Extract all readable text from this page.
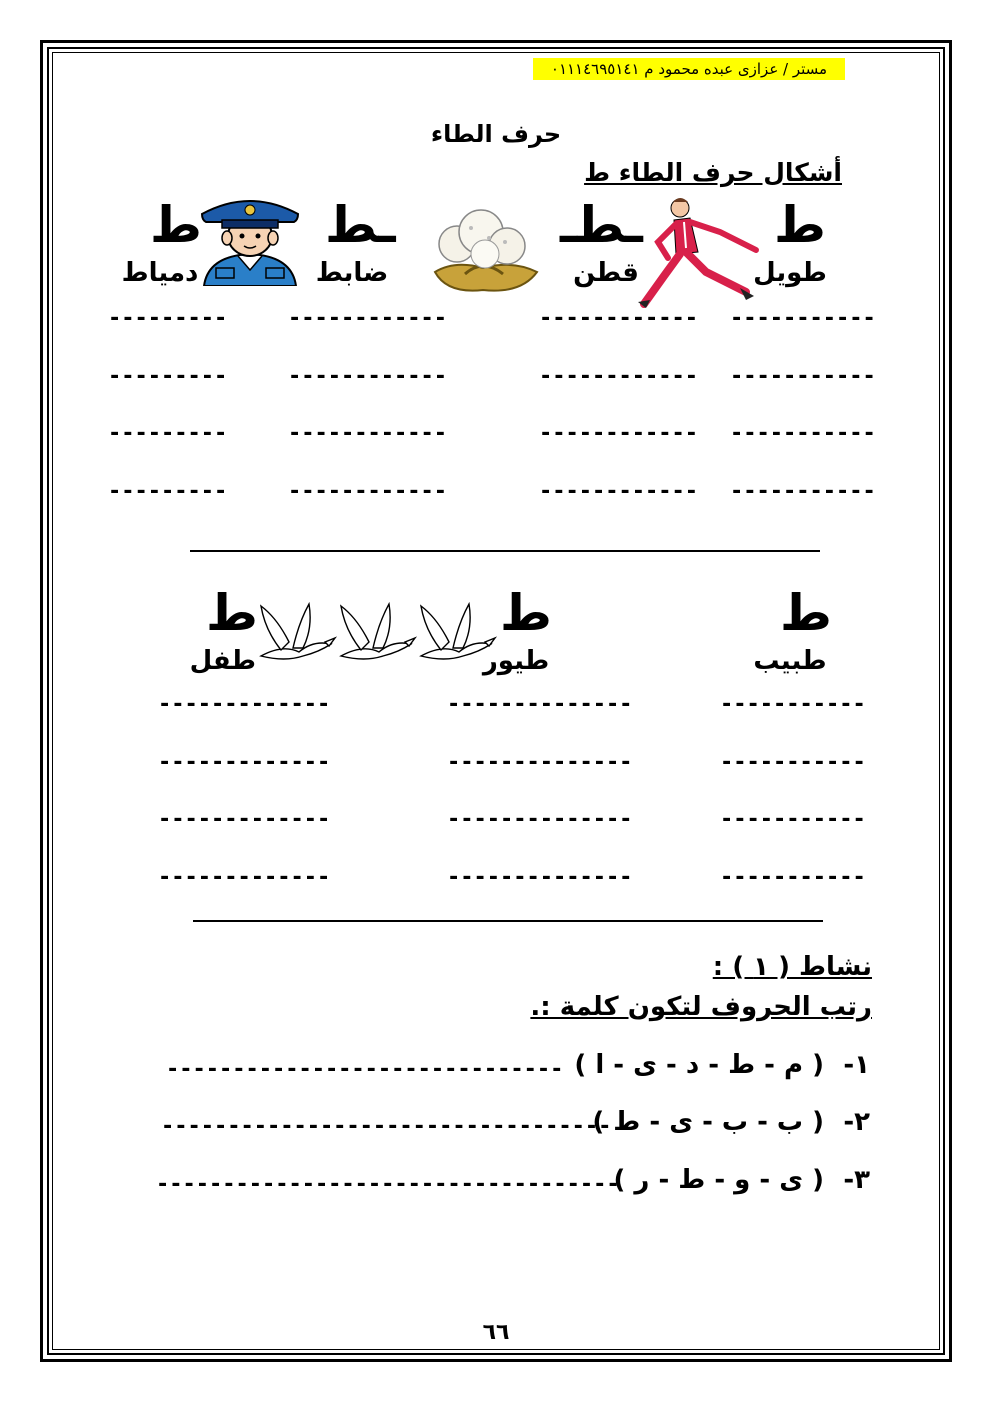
مستر / عزازى عبده محمود م ٠١١١٤٦٩٥١٤١
حرف الطاء
أشكال حرف الطاء ط
ط
ـطـ
ـط
ط
طويل
قطن
ضابط
دمياط
-----------
------------
------------
---------
-----------
------------
------------
---------
-----------
------------
------------
---------
-----------
------------
------------
---------
ط
ط
ط
طبيب
طيور
طفل
-----------
--------------
-------------
-----------
--------------
-------------
-----------
--------------
-------------
-----------
--------------
-------------
نشاط ( ١ ) :
رتب الحروف لتكون كلمة :.
١-
( م - ط - د - ى - ا )
------------------------------
٢-
( ب - ب - ى - ط )
----------------------------------
٣-
( ى - و - ط - ر )
-----------------------------------
٦٦
